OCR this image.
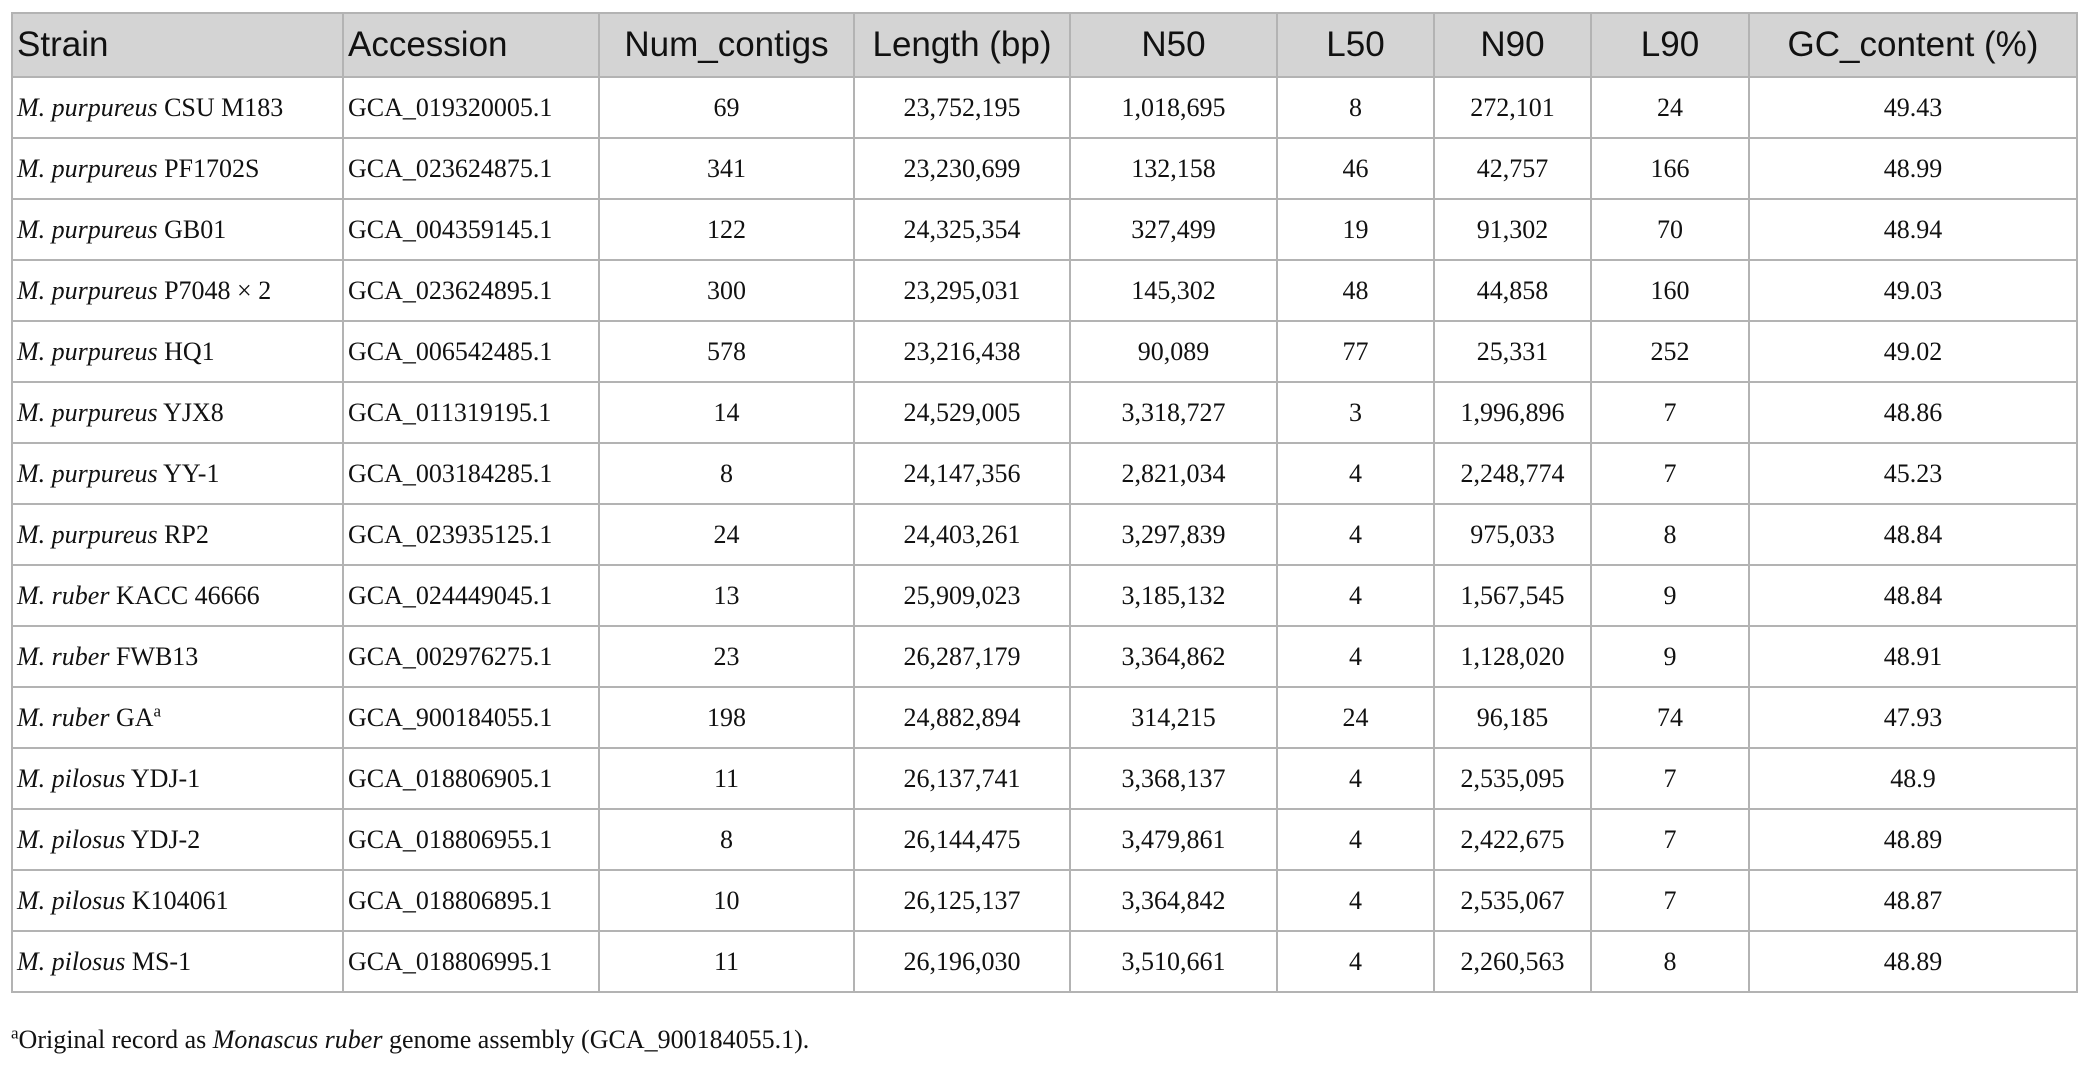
Strain	Accession	Num_contigs	Length (bp)	N50	L50	N90	L90	GC_content (%)
M. purpureus CSU M183	GCA_019320005.1	69	23,752,195	1,018,695	8	272,101	24	49.43
M. purpureus PF1702S	GCA_023624875.1	341	23,230,699	132,158	46	42,757	166	48.99
M. purpureus GB01	GCA_004359145.1	122	24,325,354	327,499	19	91,302	70	48.94
M. purpureus P7048 × 2	GCA_023624895.1	300	23,295,031	145,302	48	44,858	160	49.03
M. purpureus HQ1	GCA_006542485.1	578	23,216,438	90,089	77	25,331	252	49.02
M. purpureus YJX8	GCA_011319195.1	14	24,529,005	3,318,727	3	1,996,896	7	48.86
M. purpureus YY-1	GCA_003184285.1	8	24,147,356	2,821,034	4	2,248,774	7	45.23
M. purpureus RP2	GCA_023935125.1	24	24,403,261	3,297,839	4	975,033	8	48.84
M. ruber KACC 46666	GCA_024449045.1	13	25,909,023	3,185,132	4	1,567,545	9	48.84
M. ruber FWB13	GCA_002976275.1	23	26,287,179	3,364,862	4	1,128,020	9	48.91
M. ruber $GA^a$	GCA_900184055.1	198	24,882,894	314,215	24	96,185	74	47.93
M. pilosus YDJ-1	GCA_018806905.1	11	26,137,741	3,368,137	4	2,535,095	7	48.9
M. pilosus YDJ-2	GCA_018806955.1	8	26,144,475	3,479,861	4	2,422,675	7	48.89
M. pilosus K104061	GCA_018806895.1	10	26,125,137	3,364,842	4	2,535,067	7	48.87
M. pilosus MS-1	GCA_018806995.1	11	26,196,030	3,510,661	4	2,260,563	8	48.89
$^a$Original record as Monascus ruber genome assembly (GCA_900184055.1).
